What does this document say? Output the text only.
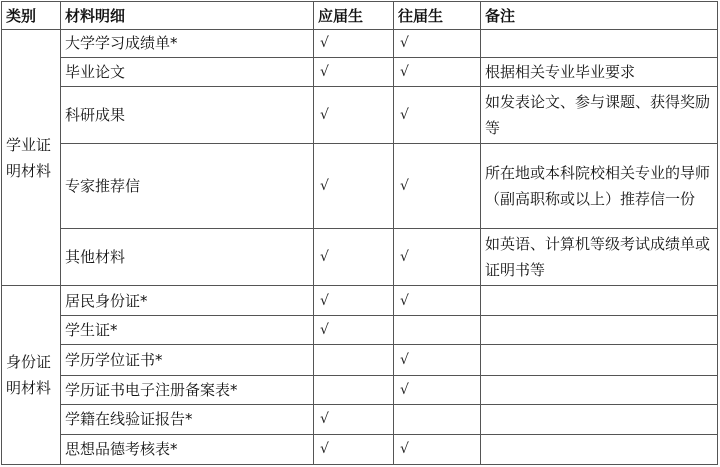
类别	材料明细	应届生	往届生	备注
学业证明材料	大学学习成绩单*	√	√	
	毕业论文	√	√	根据相关专业毕业要求
	科研成果	√	√	如发表论文、参与课题、获得奖励等
	专家推荐信	√	√	所在地或本科院校相关专业的导师（副高职称或以上）推荐信一份
	其他材料	√	√	如英语、计算机等级考试成绩单或证明书等
身份证明材料	居民身份证*	√	√	
	学生证*	√		
	学历学位证书*		√	
	学历证书电子注册备案表*		√	
	学籍在线验证报告*	√		
	思想品德考核表*	√	√	
